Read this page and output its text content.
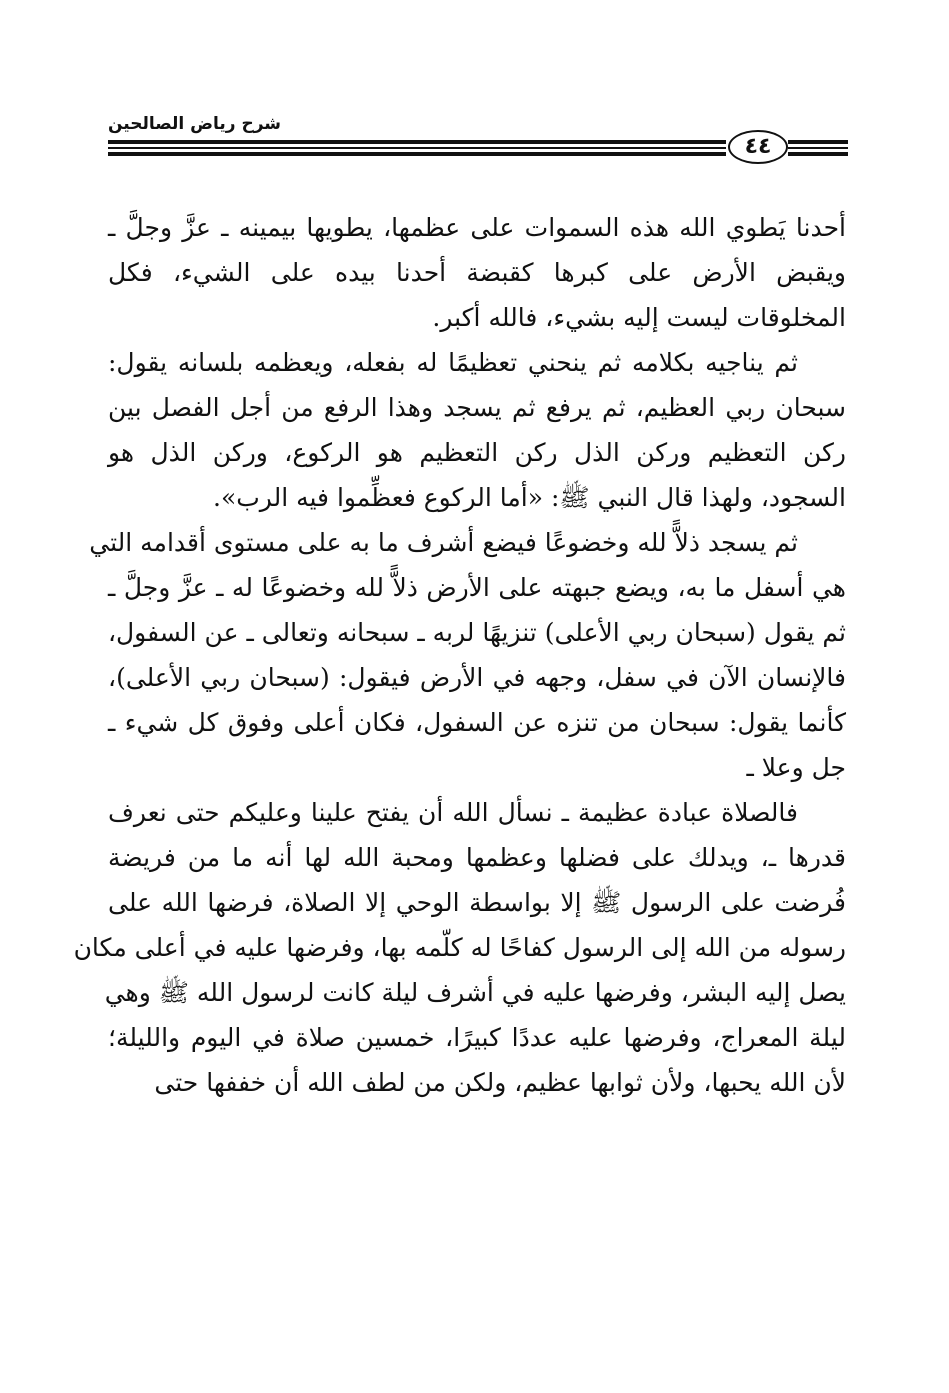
شرح رياض الصالحين
٤٤
أحدنا يَطوي الله هذه السموات على عظمها، يطويها بيمينه ـ عزَّ وجلَّ ـ
ويقبض الأرض على كبرها كقبضة أحدنا بيده على الشيء، فكل
المخلوقات ليست إليه بشيء، فالله أكبر.
ثم يناجيه بكلامه ثم ينحني تعظيمًا له بفعله، ويعظمه بلسانه يقول:
سبحان ربي العظيم، ثم يرفع ثم يسجد وهذا الرفع من أجل الفصل بين
ركن التعظيم وركن الذل ركن التعظيم هو الركوع، وركن الذل هو
السجود، ولهذا قال النبي ﷺ: «أما الركوع فعظِّموا فيه الرب».
ثم يسجد ذلاًّ لله وخضوعًا فيضع أشرف ما به على مستوى أقدامه التي
هي أسفل ما به، ويضع جبهته على الأرض ذلاًّ لله وخضوعًا له ـ عزَّ وجلَّ ـ
ثم يقول (سبحان ربي الأعلى) تنزيهًا لربه ـ سبحانه وتعالى ـ عن السفول،
فالإنسان الآن في سفل، وجهه في الأرض فيقول: (سبحان ربي الأعلى)،
كأنما يقول: سبحان من تنزه عن السفول، فكان أعلى وفوق كل شيء ـ
جل وعلا ـ
فالصلاة عبادة عظيمة ـ نسأل الله أن يفتح علينا وعليكم حتى نعرف
قدرها ـ، ويدلك على فضلها وعظمها ومحبة الله لها أنه ما من فريضة
فُرضت على الرسول ﷺ إلا بواسطة الوحي إلا الصلاة، فرضها الله على
رسوله من الله إلى الرسول كفاحًا له كلّمه بها، وفرضها عليه في أعلى مكان
يصل إليه البشر، وفرضها عليه في أشرف ليلة كانت لرسول الله ﷺ وهي
ليلة المعراج، وفرضها عليه عددًا كبيرًا، خمسين صلاة في اليوم والليلة؛
لأن الله يحبها، ولأن ثوابها عظيم، ولكن من لطف الله أن خففها حتى
